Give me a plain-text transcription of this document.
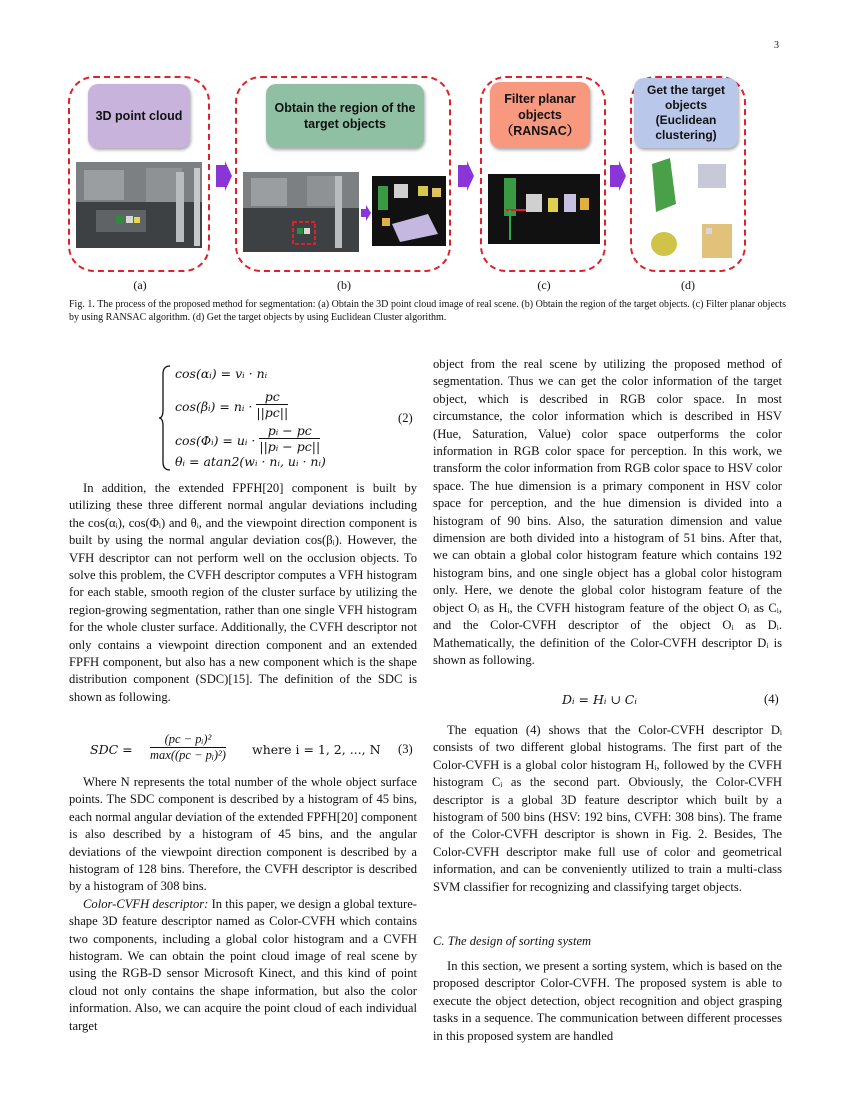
3
3D point cloud
(a)
Obtain the region of the target objects
(b)
Filter planar objects（RANSAC）
(c)
Get the target objects (Euclidean clustering)
(d)
Fig. 1. The process of the proposed method for segmentation: (a) Obtain the 3D point cloud image of real scene. (b) Obtain the region of the target objects. (c) Filter planar objects by using RANSAC algorithm. (d) Get the target objects by using Euclidean Cluster algorithm.
cos(αᵢ) = vᵢ · nᵢ
cos(βᵢ) = nᵢ · $\frac{pc}{||pc||}$
cos(Φᵢ) = uᵢ · $\frac{\text{pᵢ − pc}}{\text{||pᵢ − pc||}}$
θᵢ = atan2(wᵢ · nᵢ, uᵢ · nᵢ)
(2)

In addition, the extended FPFH[20] component is built by utilizing these three different normal angular deviations including the cos(αᵢ), cos(Φᵢ) and θᵢ, and the viewpoint direction component is built by using the normal angular deviation cos(βᵢ). However, the VFH descriptor can not perform well on the occlusion objects. To solve this problem, the CVFH descriptor computes a VFH histogram for each stable, smooth region of the cluster surface by utilizing the region-growing segmentation, rather than one single VFH histogram for the whole cluster surface. Additionally, the CVFH descriptor not only contains a viewpoint direction component and an extended FPFH component, but also has a new component which is the shape distribution component (SDC)[15]. The definition of the SDC is shown as following.

SDC =
(pc − pᵢ)²
max((pc − pᵢ)²) where i = 1, 2, ..., N (3)

Where N represents the total number of the whole object surface points. The SDC component is described by a histogram of 45 bins, each normal angular deviation of the extended FPFH[20] component is also described by a histogram of 45 bins, and the angular deviations of the viewpoint direction component is described by a histogram of 128 bins. Therefore, the CVFH descriptor is described by a histogram of 308 bins.

Color-CVFH descriptor: In this paper, we design a global texture-shape 3D feature descriptor named as Color-CVFH which contains two components, including a global color histogram and a CVFH histogram. We can obtain the point cloud image of real scene by using the RGB-D sensor Microsoft Kinect, and this kind of point cloud not only contains the shape information, but also the color information. Also, we can acquire the point cloud of each individual target

object from the real scene by utilizing the proposed method of segmentation. Thus we can get the color information of the target object, which is described in RGB color space. In most circumstance, the color information which is described in HSV (Hue, Saturation, Value) color space outperforms the color information in RGB color space for perception. In this work, we transform the color information from RGB color space to HSV color space. The hue dimension is a primary component in HSV color space for perception, and the hue dimension is divided into a histogram of 90 bins. Also, the saturation dimension and value dimension are both divided into a histogram of 51 bins. After that, we can obtain a global color histogram feature which contains 192 histogram bins, and one single object has a global color histogram only. Here, we denote the global color histogram feature of the object Oᵢ as Hᵢ, the CVFH histogram feature of the object Oᵢ as Cᵢ, and the Color-CVFH descriptor of the object Oᵢ as Dᵢ. Mathematically, the definition of the Color-CVFH descriptor Dᵢ is shown as following.

Dᵢ = Hᵢ ∪ Cᵢ	(4)

The equation (4) shows that the Color-CVFH descriptor Dᵢ consists of two different global histograms. The first part of the Color-CVFH is a global color histogram Hᵢ, followed by the CVFH histogram Cᵢ as the second part. Obviously, the Color-CVFH descriptor is a global 3D feature descriptor which built by a histogram of 500 bins (HSV: 192 bins, CVFH: 308 bins). The frame of the Color-CVFH descriptor is shown in Fig. 2. Besides, The Color-CVFH descriptor make full use of color and geometrical information, and can be conveniently utilized to train a multi-class SVM classifier for recognizing and classifying target objects.

C. The design of sorting system

In this section, we present a sorting system, which is based on the proposed descriptor Color-CVFH. The proposed system is able to execute the object detection, object recognition and object grasping tasks in a sequence. The communication between different processes in this proposed system are handled
